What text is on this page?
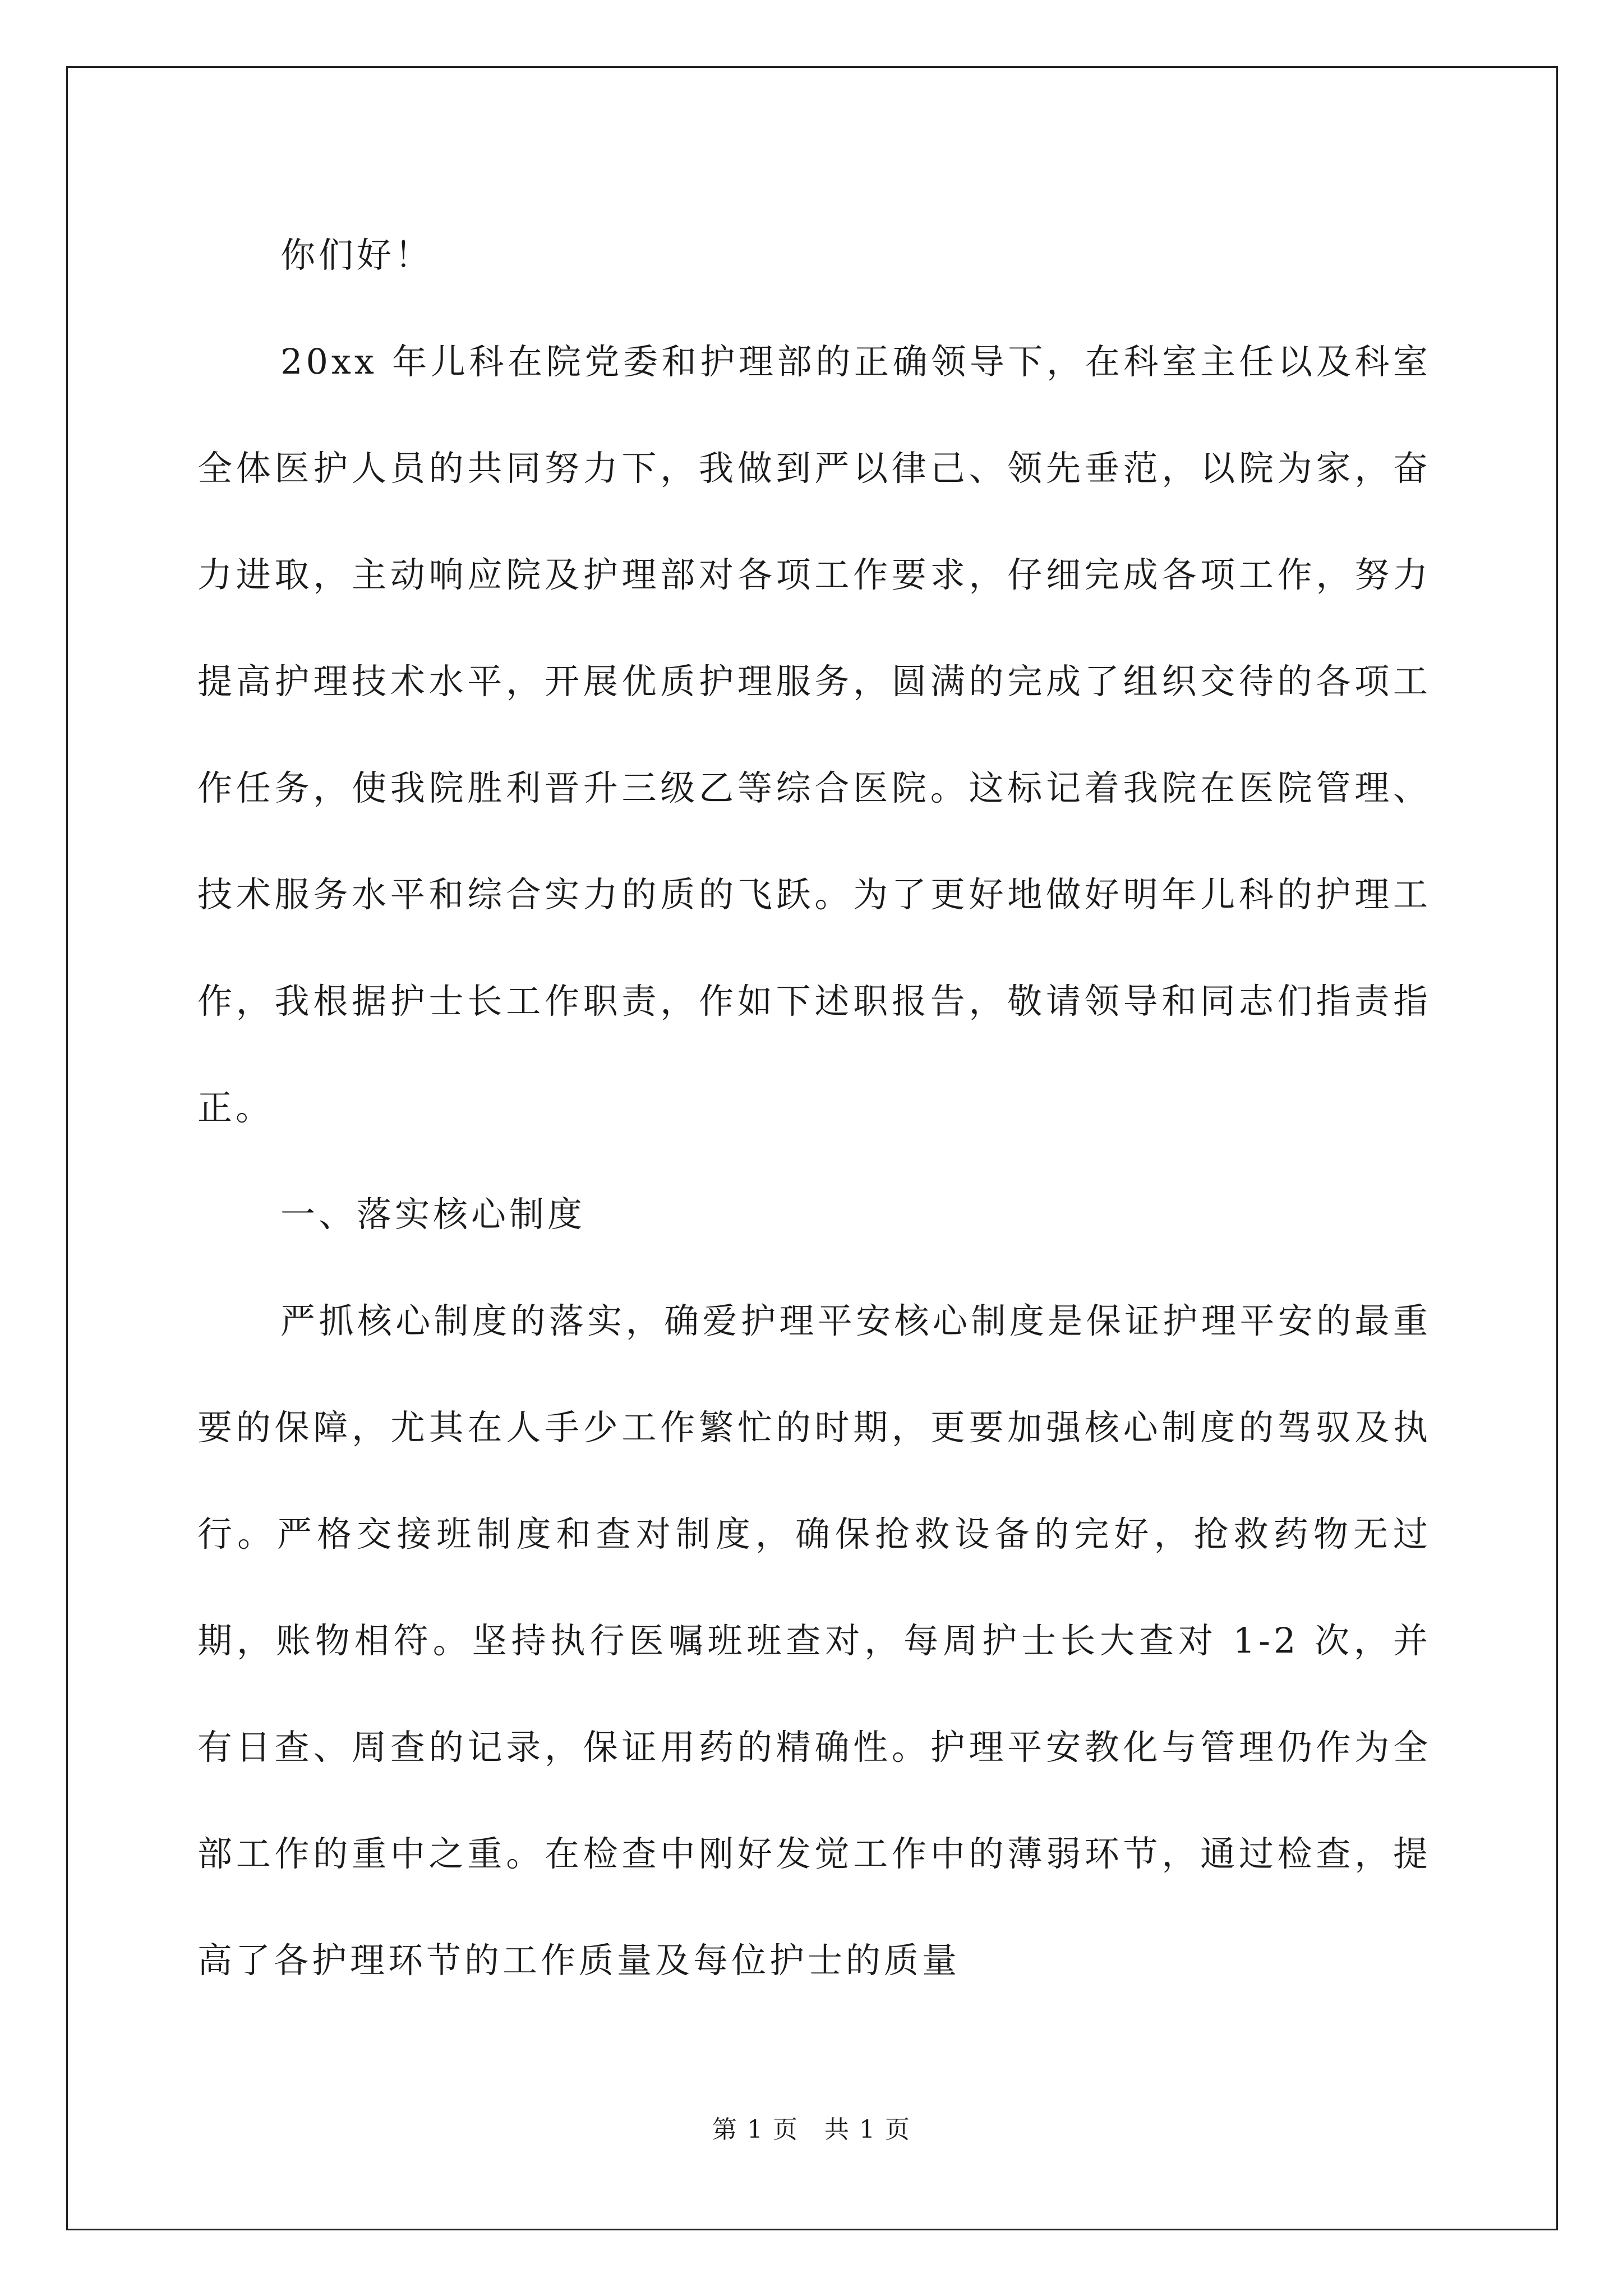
你们好！

20xx 年儿科在院党委和护理部的正确领导下，在科室主任以及科室全体医护人员的共同努力下，我做到严以律己、领先垂范，以院为家，奋力进取，主动响应院及护理部对各项工作要求，仔细完成各项工作，努力提高护理技术水平，开展优质护理服务，圆满的完成了组织交待的各项工作任务，使我院胜利晋升三级乙等综合医院。这标记着我院在医院管理、技术服务水平和综合实力的质的飞跃。为了更好地做好明年儿科的护理工作，我根据护士长工作职责，作如下述职报告，敬请领导和同志们指责指正。

一、落实核心制度

严抓核心制度的落实，确爱护理平安核心制度是保证护理平安的最重要的保障，尤其在人手少工作繁忙的时期，更要加强核心制度的驾驭及执行。严格交接班制度和查对制度，确保抢救设备的完好，抢救药物无过期，账物相符。坚持执行医嘱班班查对，每周护士长大查对 1-2 次，并有日查、周查的记录，保证用药的精确性。护理平安教化与管理仍作为全部工作的重中之重。在检查中刚好发觉工作中的薄弱环节，通过检查，提高了各护理环节的工作质量及每位护士的质量

第 1 页　共 1 页
